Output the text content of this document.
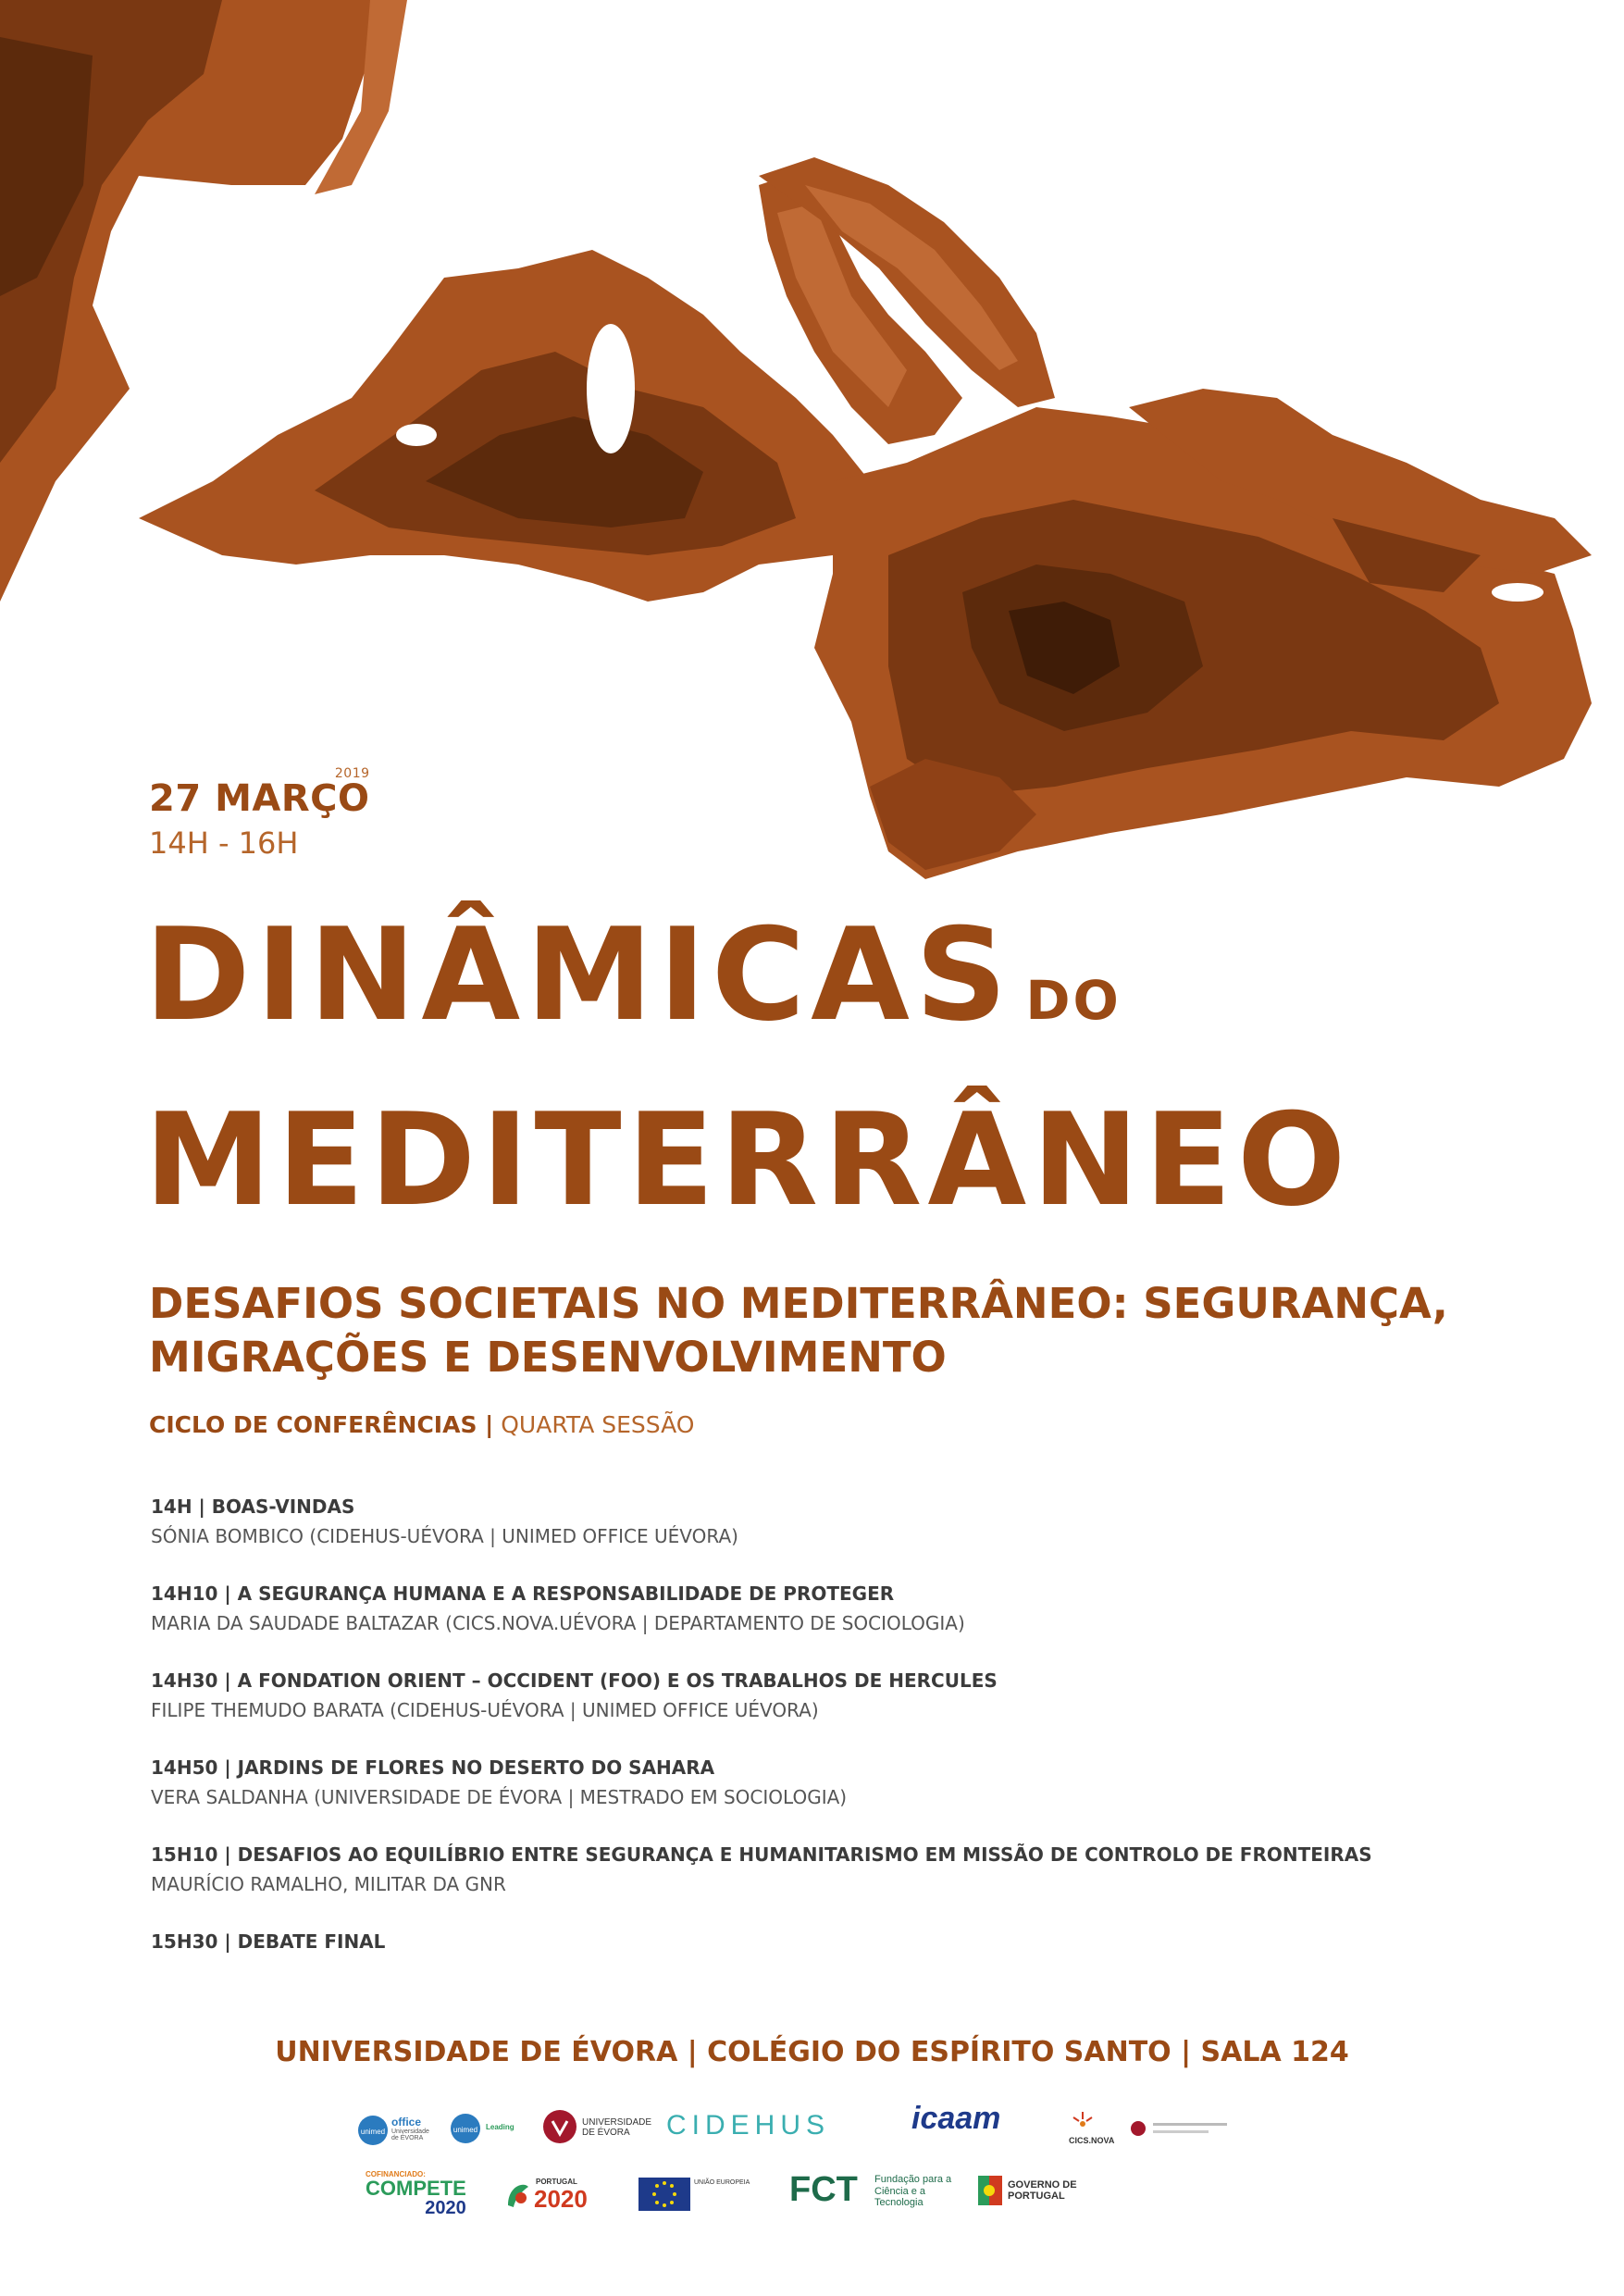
27 MARÇO
2019
14H - 16H
DINÂMICAS DO
MEDITERRÂNEO
DESAFIOS SOCIETAIS NO MEDITERRÂNEO: SEGURANÇA, MIGRAÇÕES E DESENVOLVIMENTO
CICLO DE CONFERÊNCIAS | QUARTA SESSÃO
14H | BOAS-VINDAS
SÓNIA BOMBICO (CIDEHUS-UÉVORA | UNIMED OFFICE UÉVORA)
14H10 | A SEGURANÇA HUMANA E A RESPONSABILIDADE DE PROTEGER
MARIA DA SAUDADE BALTAZAR (CICS.NOVA.UÉVORA | DEPARTAMENTO DE SOCIOLOGIA)
14H30 | A FONDATION ORIENT – OCCIDENT (FOO) E OS TRABALHOS DE HERCULES
FILIPE THEMUDO BARATA (CIDEHUS-UÉVORA | UNIMED OFFICE UÉVORA)
14H50 | JARDINS DE FLORES NO DESERTO DO SAHARA
VERA SALDANHA (UNIVERSIDADE DE ÉVORA | MESTRADO EM SOCIOLOGIA)
15H10 | DESAFIOS AO EQUILÍBRIO ENTRE SEGURANÇA E HUMANITARISMO EM MISSÃO DE CONTROLO DE FRONTEIRAS
MAURÍCIO RAMALHO, MILITAR DA GNR
15H30 | DEBATE FINAL
UNIVERSIDADE DE ÉVORA | COLÉGIO DO ESPÍRITO SANTO | SALA 124
unimed
office
Universidade de ÉVORA
unimed Leading	UNIVERSIDADE DE ÉVORA	CIDEHUS	icaam
CICS.NOVA
COFINANCIADO:
COMPETE
2020
PORTUGAL
2020
UNIÃO EUROPEIA	FCT Fundação para a Ciência e a Tecnologia
GOVERNO DE PORTUGAL
